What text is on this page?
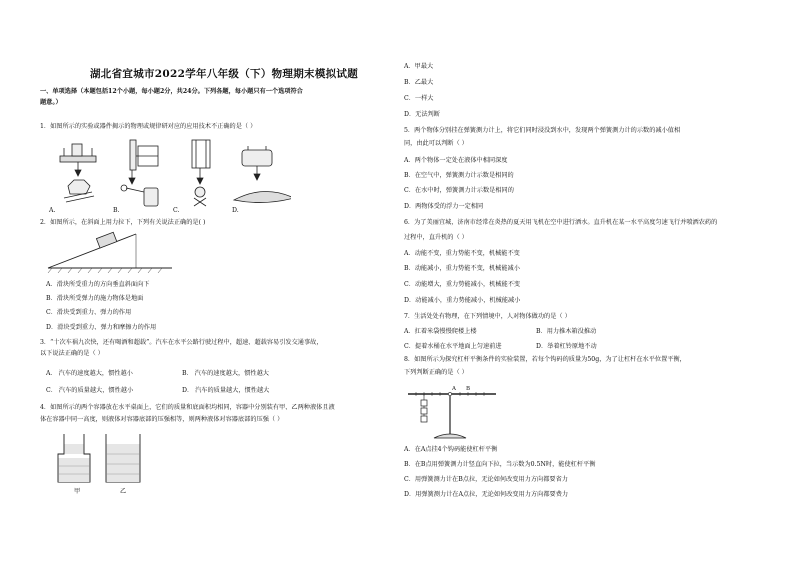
湖北省宜城市2022学年八年级（下）物理期末模拟试题
一、单项选择（本题包括12个小题，每小题2分，共24分。下列各题，每小题只有一个选项符合
题意。）
1．如图所示的实验或器件揭示的物理或规律研对应的应用技术不正确的是（ ）
A.	B.	C.	D.
2．如图所示，在斜面上用力拉下，下列有关说法正确的是( )
A．滑块所受重力的方向垂直斜面向下
B．滑块所受弹力的施力物体是地面
C．滑块受到重力、弹力的作用
D．滑块受到重力、弹力和摩擦力的作用
3．“十次车祸九次快，还有喝酒和超载”。汽车在水平公路行驶过程中，超速、超载容易引发交通事故，
以下说法正确的是（ ）
A． 汽车的速度越大，惯性越小	B． 汽车的速度越大，惯性越大
C． 汽车的质量越大，惯性越小	D． 汽车的质量越大，惯性越大
4．如图所示的两个容器放在水平桌面上，它们的质量和底面积均相同，容器中分别装有甲、乙两种液体且液
体在容器中同一高度，则液体对容器底部的压强相等，则两种液体对容器底部的压强（ ）
甲	乙
A．甲最大
B．乙最大
C．一样大
D．无法判断
5．两个物体分别挂在弹簧测力计上，将它们同时浸没到水中，发现两个弹簧测力计的示数的减小值相
同，由此可以判断（ ）
A．两个物体一定处在液体中相同深度
B．在空气中，弹簧测力计示数是相同的
C．在水中时，弹簧测力计示数是相同的
D．两物体受的浮力一定相同
6．为了美丽宜城，济南市经常在炎热的夏天用飞机在空中进行洒水。直升机在某一水平高度匀速飞行并喷洒农药的
过程中，直升机的（ ）
A．动能不变，重力势能不变，机械能不变
B．动能减小，重力势能不变，机械能减小
C．动能增大，重力势能减小，机械能不变
D．动能减小，重力势能减小，机械能减小
7．生活处处有物理，在下列情境中，人对物体做功的是（ ）
A．扛着米袋慢慢爬楼上楼	B．用力推木箱没推动
C．提着水桶在水平地面上匀速前进	D．举着杠铃原地不动
8．如图所示为探究杠杆平衡条件的实验装置，若每个钩码的质量为50g，为了让杠杆在水平位置平衡，
下列判断正确的是（ ）
A B
A．在A点挂4个钩码能使杠杆平衡
B．在B点用弹簧测力计竖直向下拉，当示数为0.5N时，能使杠杆平衡
C．用弹簧测力计在B点拉，无论如何改变用力方向都要省力
D．用弹簧测力计在A点拉，无论如何改变用力方向都要费力
